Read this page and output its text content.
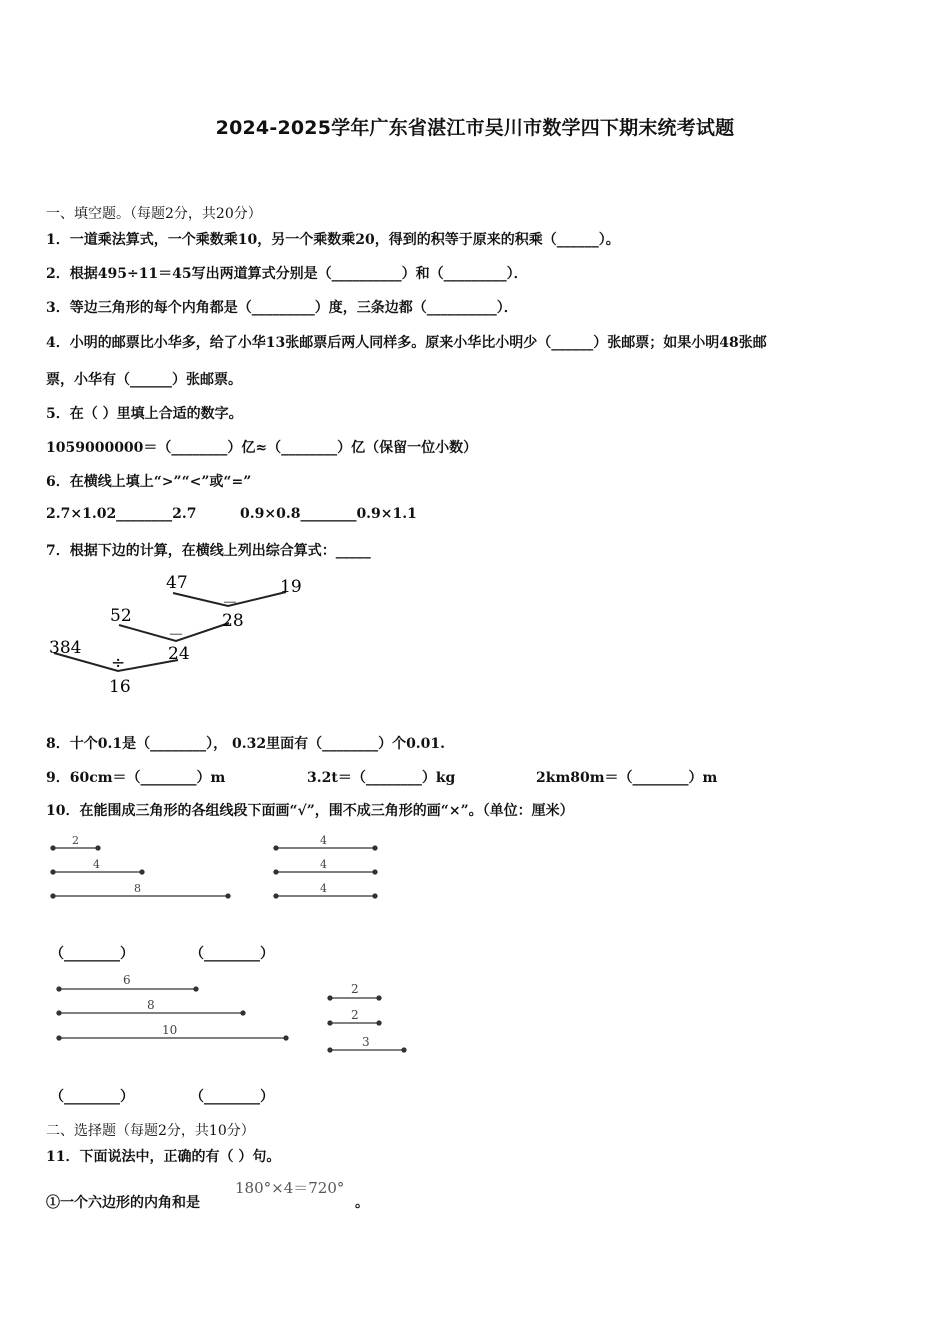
2024-2025学年广东省湛江市吴川市数学四下期末统考试题
一、填空题。（每题2分，共20分）
1．一道乘法算式，一个乘数乘10，另一个乘数乘20，得到的积等于原来的积乘（______）。
2．根据495÷11＝45写出两道算式分别是（__________）和（_________）．
3．等边三角形的每个内角都是（_________）度，三条边都（__________）．
4．小明的邮票比小华多，给了小华13张邮票后两人同样多。原来小华比小明少（______）张邮票；如果小明48张邮
票，小华有（______）张邮票。
5．在（ ）里填上合适的数字。
1059000000＝（________）亿≈（________）亿（保留一位小数）
6．在横线上填上“>”“<”或“=”
2.7×1.02________2.7	0.9×0.8________0.9×1.1
7．根据下边的计算，在横线上列出综合算式：_____
47
－
19
52
－
28
384
÷	24
16
8．十个0.1是（________）， 0.32里面有（________）个0.01.
9．60cm＝（________）m	3.2t＝（________）kg	2km80m＝（________）m
10．在能围成三角形的各组线段下面画“√”，围不成三角形的画“×”。（单位：厘米）
2
4
8
4
4
4
（________）	（________）
6
8
10
2
2
3
（________）	（________）
二、选择题（每题2分，共10分）
11．下面说法中，正确的有（ ）句。
①一个六边形的内角和是
180°×4＝720°
。
